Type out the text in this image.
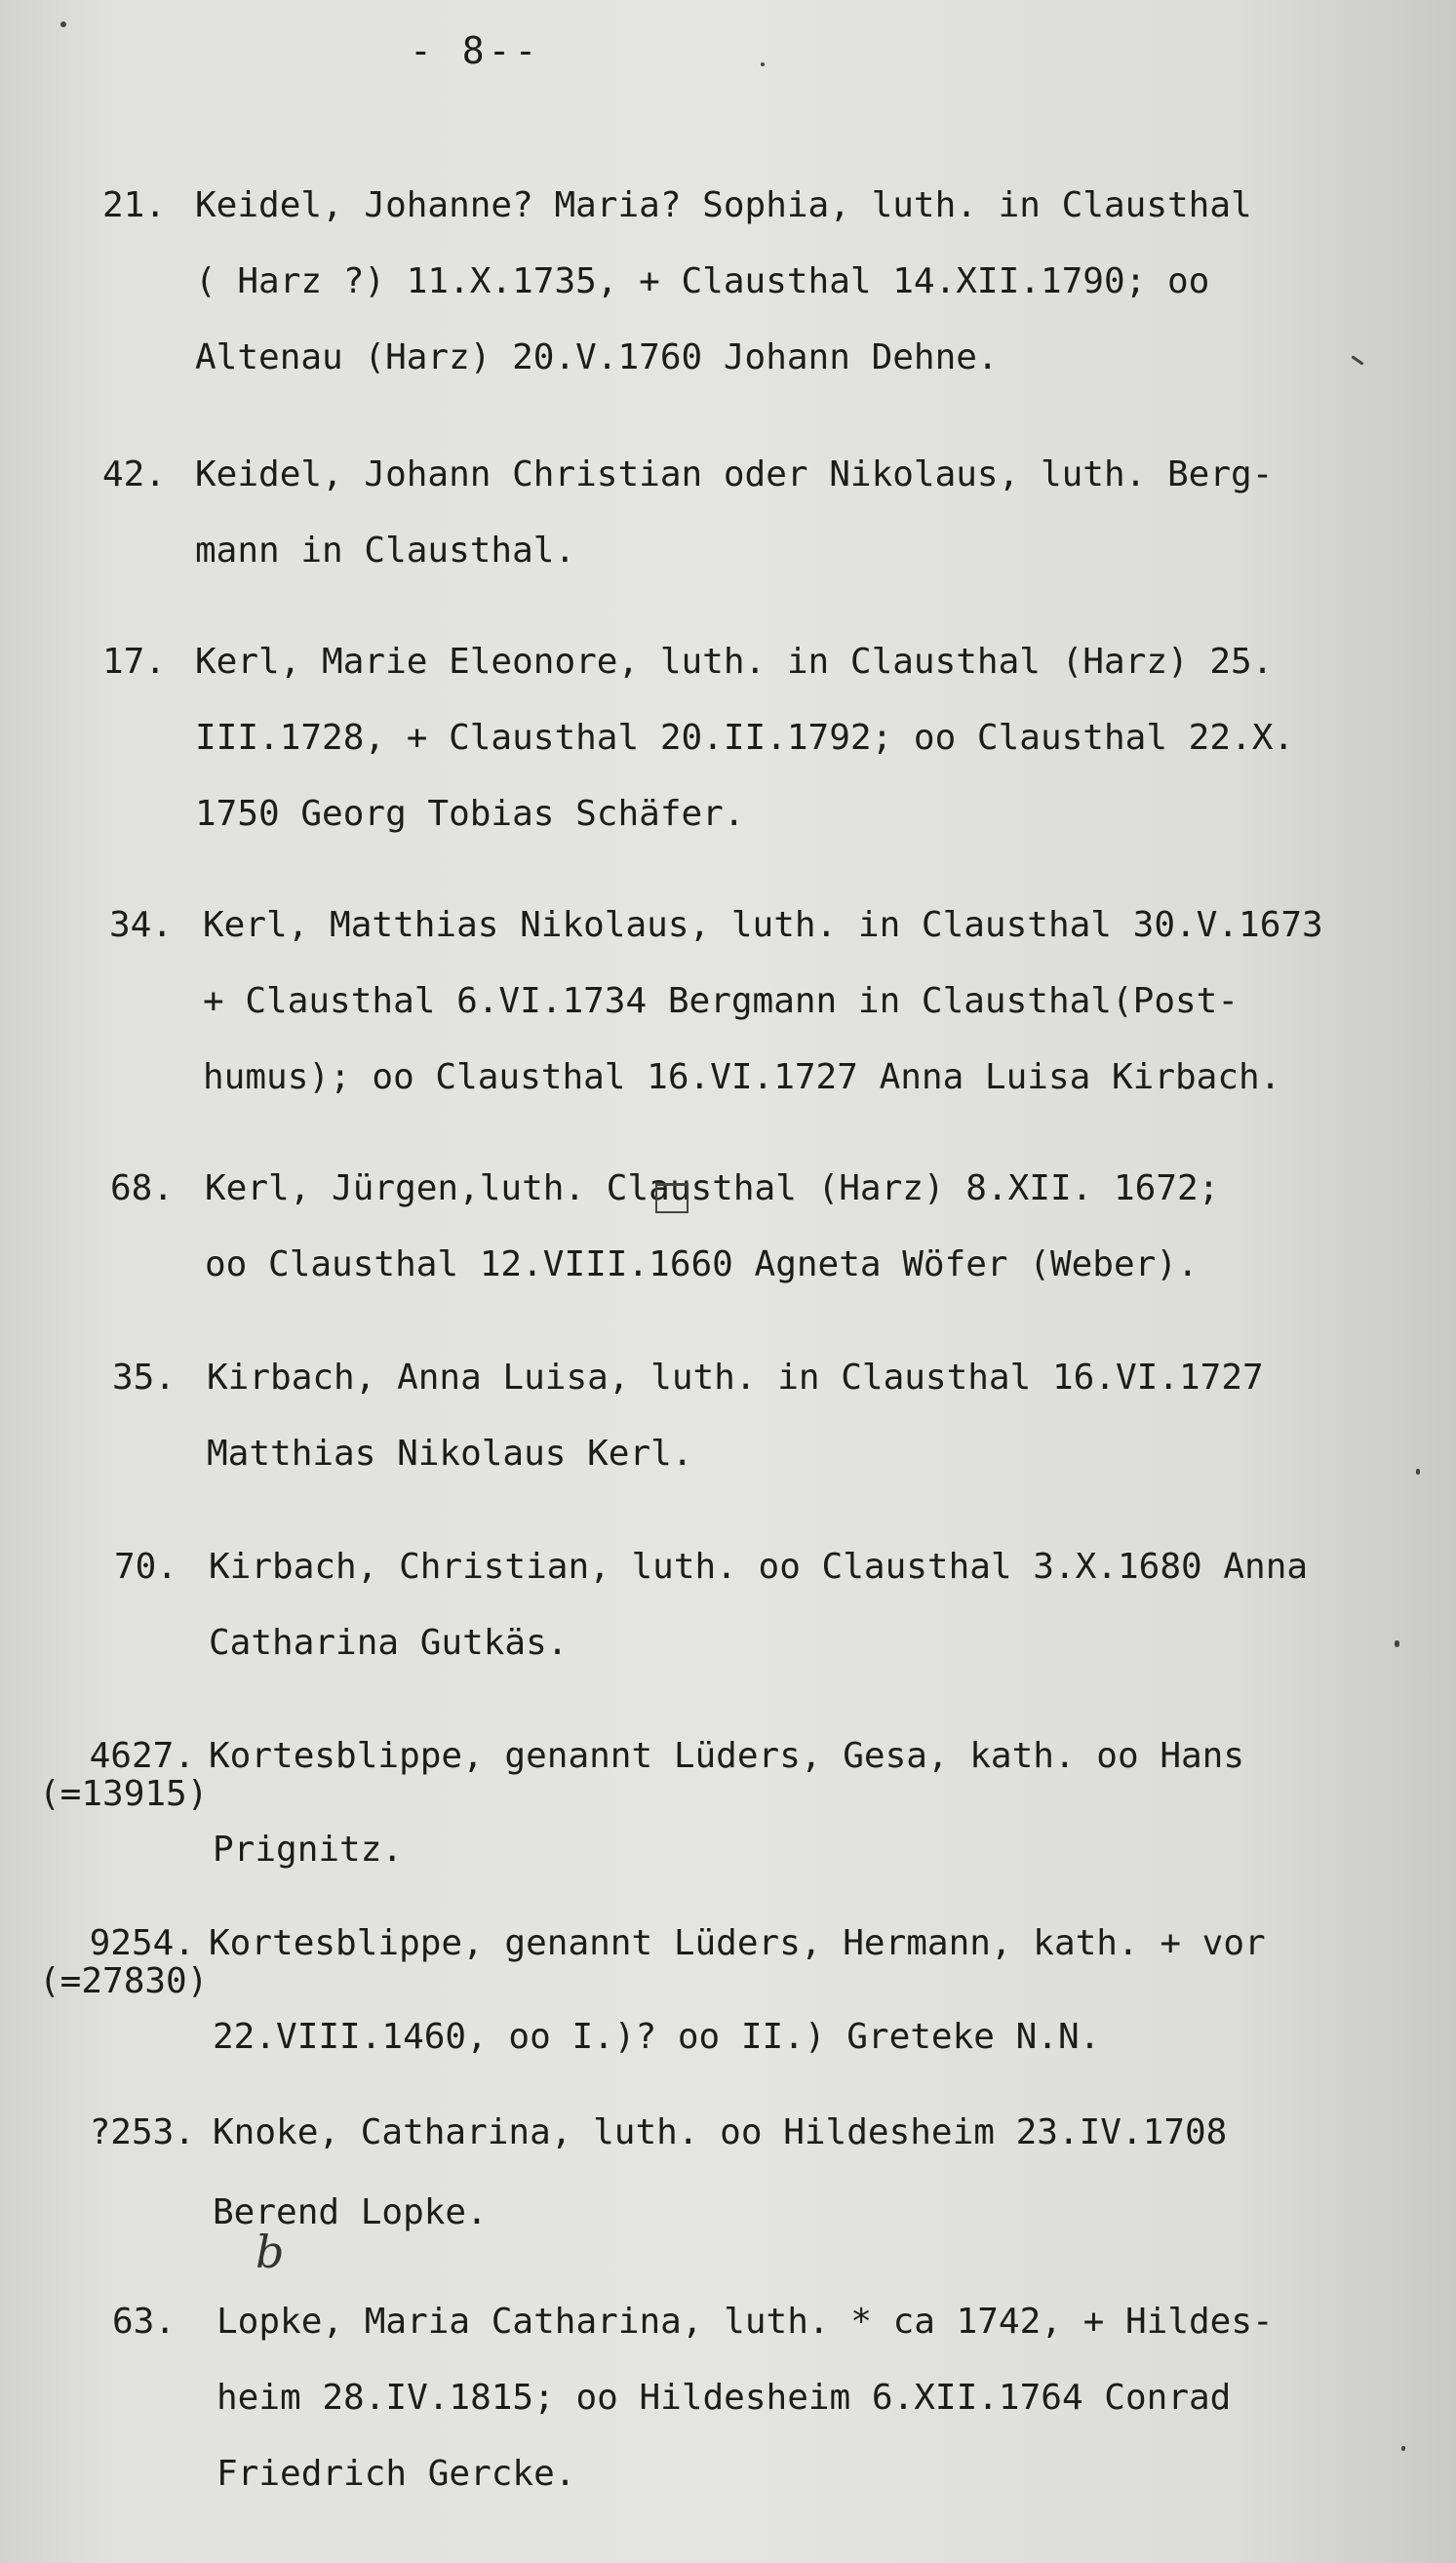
- 8--
21. Keidel, Johanne? Maria? Sophia, luth. in Clausthal
( Harz ?) 11.X.1735, + Clausthal 14.XII.1790; oo
Altenau (Harz) 20.V.1760 Johann Dehne.
42. Keidel, Johann Christian oder Nikolaus, luth. Berg-
mann in Clausthal.
17. Kerl, Marie Eleonore, luth. in Clausthal (Harz) 25.
III.1728, + Clausthal 20.II.1792; oo Clausthal 22.X.
1750 Georg Tobias Schäfer.
34. Kerl, Matthias Nikolaus, luth. in Clausthal 30.V.1673
+ Clausthal 6.VI.1734 Bergmann in Clausthal(Post-
humus); oo Clausthal 16.VI.1727 Anna Luisa Kirbach.
68. Kerl, Jürgen,luth. Clausthal (Harz) 8.XII. 1672;
oo Clausthal 12.VIII.1660 Agneta Wöfer (Weber).
35. Kirbach, Anna Luisa, luth. in Clausthal 16.VI.1727
Matthias Nikolaus Kerl.
70. Kirbach, Christian, luth. oo Clausthal 3.X.1680 Anna
Catharina Gutkäs.
4627. Kortesblippe, genannt Lüders, Gesa, kath. oo Hans
(=13915)
Prignitz.
9254. Kortesblippe, genannt Lüders, Hermann, kath. + vor
(=27830)
22.VIII.1460, oo I.)? oo II.) Greteke N.N.
?253. Knoke, Catharina, luth. oo Hildesheim 23.IV.1708
Berend Lopke.
b
63. Lopke, Maria Catharina, luth. * ca 1742, + Hildes-
heim 28.IV.1815; oo Hildesheim 6.XII.1764 Conrad
Friedrich Gercke.
